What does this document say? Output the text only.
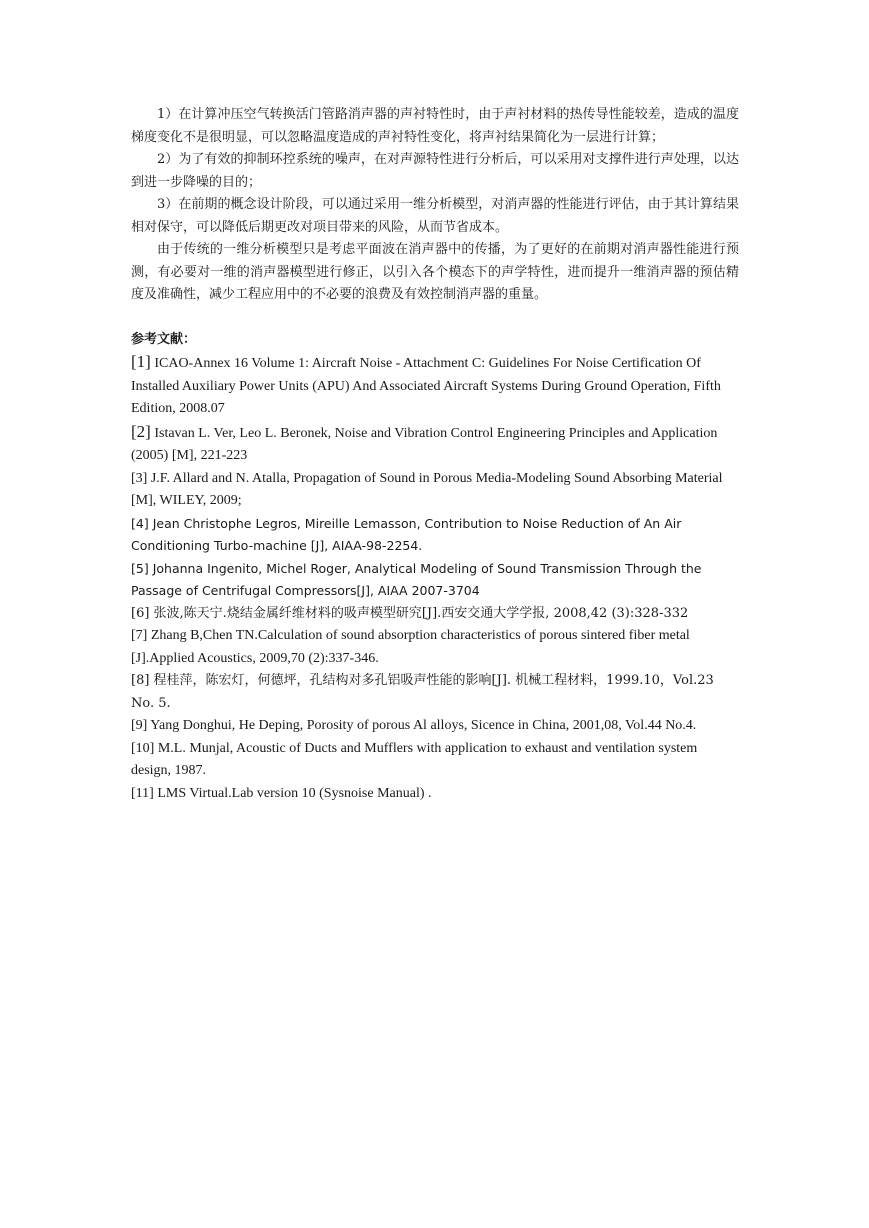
1）在计算冲压空气转换活门管路消声器的声衬特性时，由于声衬材料的热传导性能较差，造成的温度梯度变化不是很明显，可以忽略温度造成的声衬特性变化，将声衬结果简化为一层进行计算；

2）为了有效的抑制环控系统的噪声，在对声源特性进行分析后，可以采用对支撑件进行声处理，以达到进一步降噪的目的；

3）在前期的概念设计阶段，可以通过采用一维分析模型，对消声器的性能进行评估，由于其计算结果相对保守，可以降低后期更改对项目带来的风险，从而节省成本。

由于传统的一维分析模型只是考虑平面波在消声器中的传播，为了更好的在前期对消声器性能进行预测，有必要对一维的消声器模型进行修正，以引入各个模态下的声学特性，进而提升一维消声器的预估精度及准确性，减少工程应用中的不必要的浪费及有效控制消声器的重量。

参考文献：

[1] ICAO-Annex 16 Volume 1: Aircraft Noise - Attachment C: Guidelines For Noise Certification Of Installed Auxiliary Power Units (APU) And Associated Aircraft Systems During Ground Operation, Fifth Edition, 2008.07

[2] Istavan L. Ver, Leo L. Beronek, Noise and Vibration Control Engineering Principles and Application (2005) [M], 221-223

[3] J.F. Allard and N. Atalla, Propagation of Sound in Porous Media-Modeling Sound Absorbing Material [M], WILEY, 2009;

[4] Jean Christophe Legros, Mireille Lemasson, Contribution to Noise Reduction of An Air Conditioning Turbo-machine [J], AIAA-98-2254.

[5] Johanna Ingenito, Michel Roger, Analytical Modeling of Sound Transmission Through the Passage of Centrifugal Compressors[J], AIAA 2007-3704

[6] 张波,陈天宁.烧结金属纤维材料的吸声模型研究[J].西安交通大学学报, 2008,42 (3):328-332

[7] Zhang B,Chen TN.Calculation of sound absorption characteristics of porous sintered fiber metal [J].Applied Acoustics, 2009,70 (2):337-346.

[8] 程桂萍，陈宏灯，何德坪，孔结构对多孔铝吸声性能的影响[J]. 机械工程材料，1999.10，Vol.23 No. 5.

[9] Yang Donghui, He Deping, Porosity of porous Al alloys, Sicence in China, 2001,08, Vol.44 No.4.

[10] M.L. Munjal, Acoustic of Ducts and Mufflers with application to exhaust and ventilation system design, 1987.

[11] LMS Virtual.Lab version 10 (Sysnoise Manual) .
